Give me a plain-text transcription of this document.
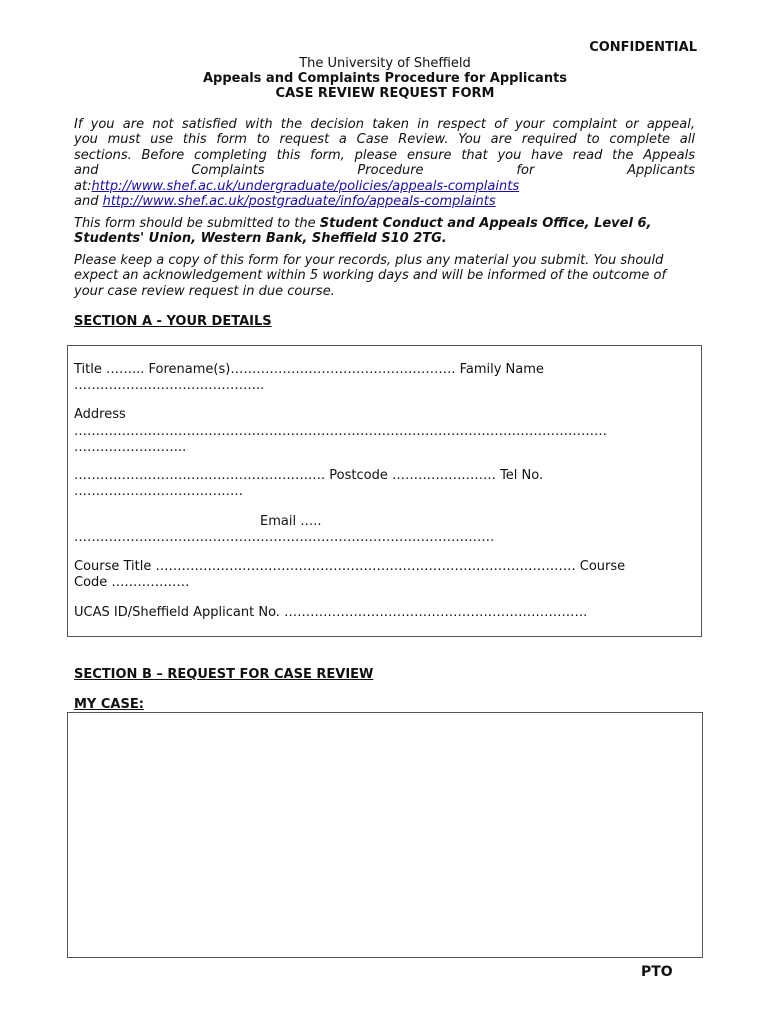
CONFIDENTIAL
The University of Sheffield
Appeals and Complaints Procedure for Applicants
CASE REVIEW REQUEST FORM
If you are not satisfied with the decision taken in respect of your complaint or appeal,
you must use this form to request a Case Review. You are required to complete all
sections. Before completing this form, please ensure that you have read the Appeals
and Complaints Procedure for Applicants
at:http://www.shef.ac.uk/undergraduate/policies/appeals-complaints
and http://www.shef.ac.uk/postgraduate/info/appeals-complaints
This form should be submitted to the Student Conduct and Appeals Office, Level 6, Students' Union, Western Bank, Sheffield S10 2TG.
Please keep a copy of this form for your records, plus any material you submit. You should expect an acknowledgement within 5 working days and will be informed of the outcome of your case review request in due course.
SECTION A - YOUR DETAILS
Title ……... Forename(s)……………………………………………. Family Name
……………………………………..
Address
……………………………………………………………………………………………………………
……………………..
…………………………………………………. Postcode …………………… Tel No.
…………………………………
Email …..
…………………………………………………………………………………….
Course Title ……………………………………………………………………………………. Course
Code ………………
UCAS ID/Sheffield Applicant No. …………………………………………………………….
SECTION B – REQUEST FOR CASE REVIEW
MY CASE:
PTO
